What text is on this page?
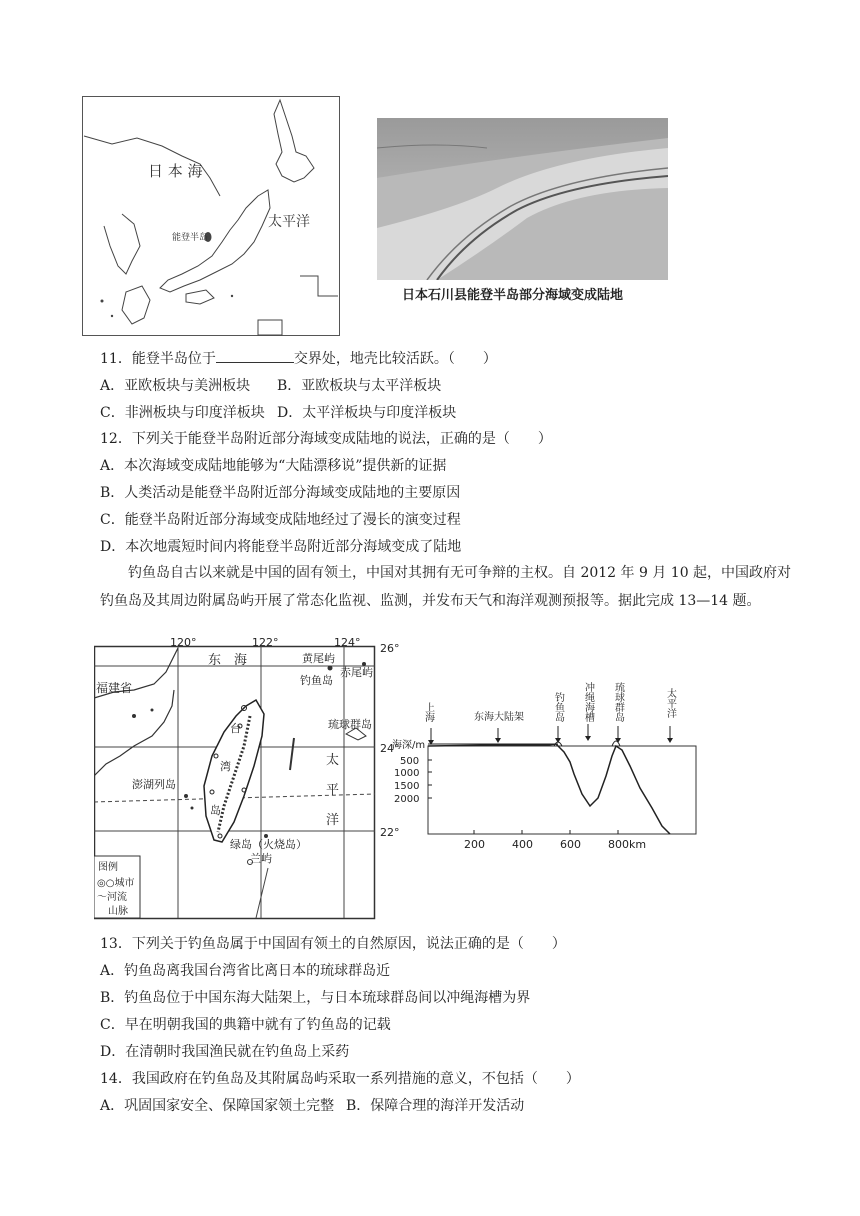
日 本 海
太平洋
能登半岛
日本石川县能登半岛部分海域变成陆地
11．能登半岛位于	交界处，地壳比较活跃。（　　）
A．亚欧板块与美洲板块 B．亚欧板块与太平洋板块
C．非洲板块与印度洋板块 D．太平洋板块与印度洋板块
12．下列关于能登半岛附近部分海域变成陆地的说法，正确的是（　　）
A．本次海域变成陆地能够为“大陆漂移说”提供新的证据
B．人类活动是能登半岛附近部分海域变成陆地的主要原因
C．能登半岛附近部分海域变成陆地经过了漫长的演变过程
D．本次地震短时间内将能登半岛附近部分海域变成了陆地
钓鱼岛自古以来就是中国的固有领土，中国对其拥有无可争辩的主权。自 2012 年 9 月 10 起，中国政府对钓鱼岛及其周边附属岛屿开展了常态化监视、监测，并发布天气和海洋观测预报等。据此完成 13—14 题。
120°	122°	124°
东　海	黄尾屿
赤尾屿
钓鱼岛
福建省
琉球群岛
澎湖列岛
太
平
洋
台
湾
岛
绿岛（火烧岛）
兰屿
图例
◎○城市
～河流
山脉
26°
24°
22°
上海	东海大陆架	钓鱼岛 冲绳海槽 琉球群岛	太平洋
海深/m
500
1000
1500
2000
200 400 600 800km
13．下列关于钓鱼岛属于中国固有领土的自然原因，说法正确的是（　　）
A．钓鱼岛离我国台湾省比离日本的琉球群岛近
B．钓鱼岛位于中国东海大陆架上，与日本琉球群岛间以冲绳海槽为界
C．早在明朝我国的典籍中就有了钓鱼岛的记载
D．在清朝时我国渔民就在钓鱼岛上采药
14．我国政府在钓鱼岛及其附属岛屿采取一系列措施的意义，不包括（　　）
A．巩固国家安全、保障国家领土完整 B．保障合理的海洋开发活动
